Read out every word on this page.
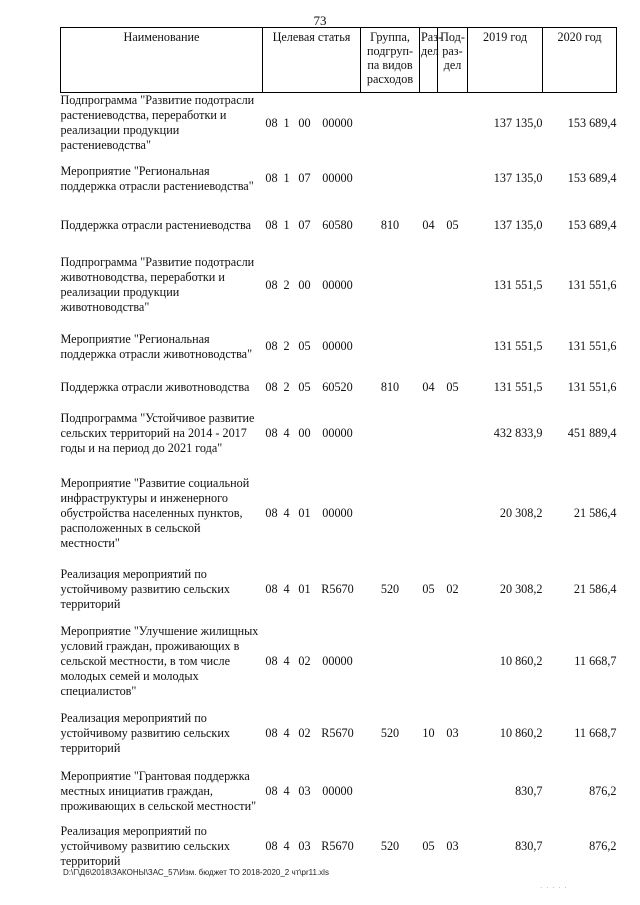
73
Наименование	Целевая статья	Группа, подгруп-па видов расходов	Раз-дел	Под-раз-дел	2019 год	2020 год
Подпрограмма "Развитие подотрасли растениеводства, переработки и реализации продукции растениеводства"	08 1 00 00000				137 135,0	153 689,4
Мероприятие "Региональная поддержка отрасли растениеводства"	08 1 07 00000				137 135,0	153 689,4
Поддержка отрасли растениеводства	08 1 07 60580	810	04	05	137 135,0	153 689,4
Подпрограмма "Развитие подотрасли животноводства, переработки и реализации продукции животноводства"	08 2 00 00000				131 551,5	131 551,6
Мероприятие "Региональная поддержка отрасли животноводства"	08 2 05 00000				131 551,5	131 551,6
Поддержка отрасли животноводства	08 2 05 60520	810	04	05	131 551,5	131 551,6
Подпрограмма "Устойчивое развитие сельских территорий на 2014 - 2017 годы и на период до 2021 года"	08 4 00 00000				432 833,9	451 889,4
Мероприятие "Развитие социальной инфраструктуры и инженерного обустройства населенных пунктов, расположенных в сельской местности"	08 4 01 00000				20 308,2	21 586,4
Реализация мероприятий по устойчивому развитию сельских территорий	08 4 01 R5670	520	05	02	20 308,2	21 586,4
Мероприятие "Улучшение жилищных условий граждан, проживающих в сельской местности, в том числе молодых семей и молодых специалистов"	08 4 02 00000				10 860,2	11 668,7
Реализация мероприятий по устойчивому развитию сельских территорий	08 4 02 R5670	520	10	03	10 860,2	11 668,7
Мероприятие "Грантовая поддержка местных инициатив граждан, проживающих в сельской местности"	08 4 03 00000				830,7	876,2
Реализация мероприятий по устойчивому развитию сельских территорий	08 4 03 R5670	520	05	03	830,7	876,2
D:\Г\Д6\2018\ЗАКОНЫ\ЗАС_57\Изм. бюджет ТО 2018-2020_2 чт\pr11.xls
· · · · ·
